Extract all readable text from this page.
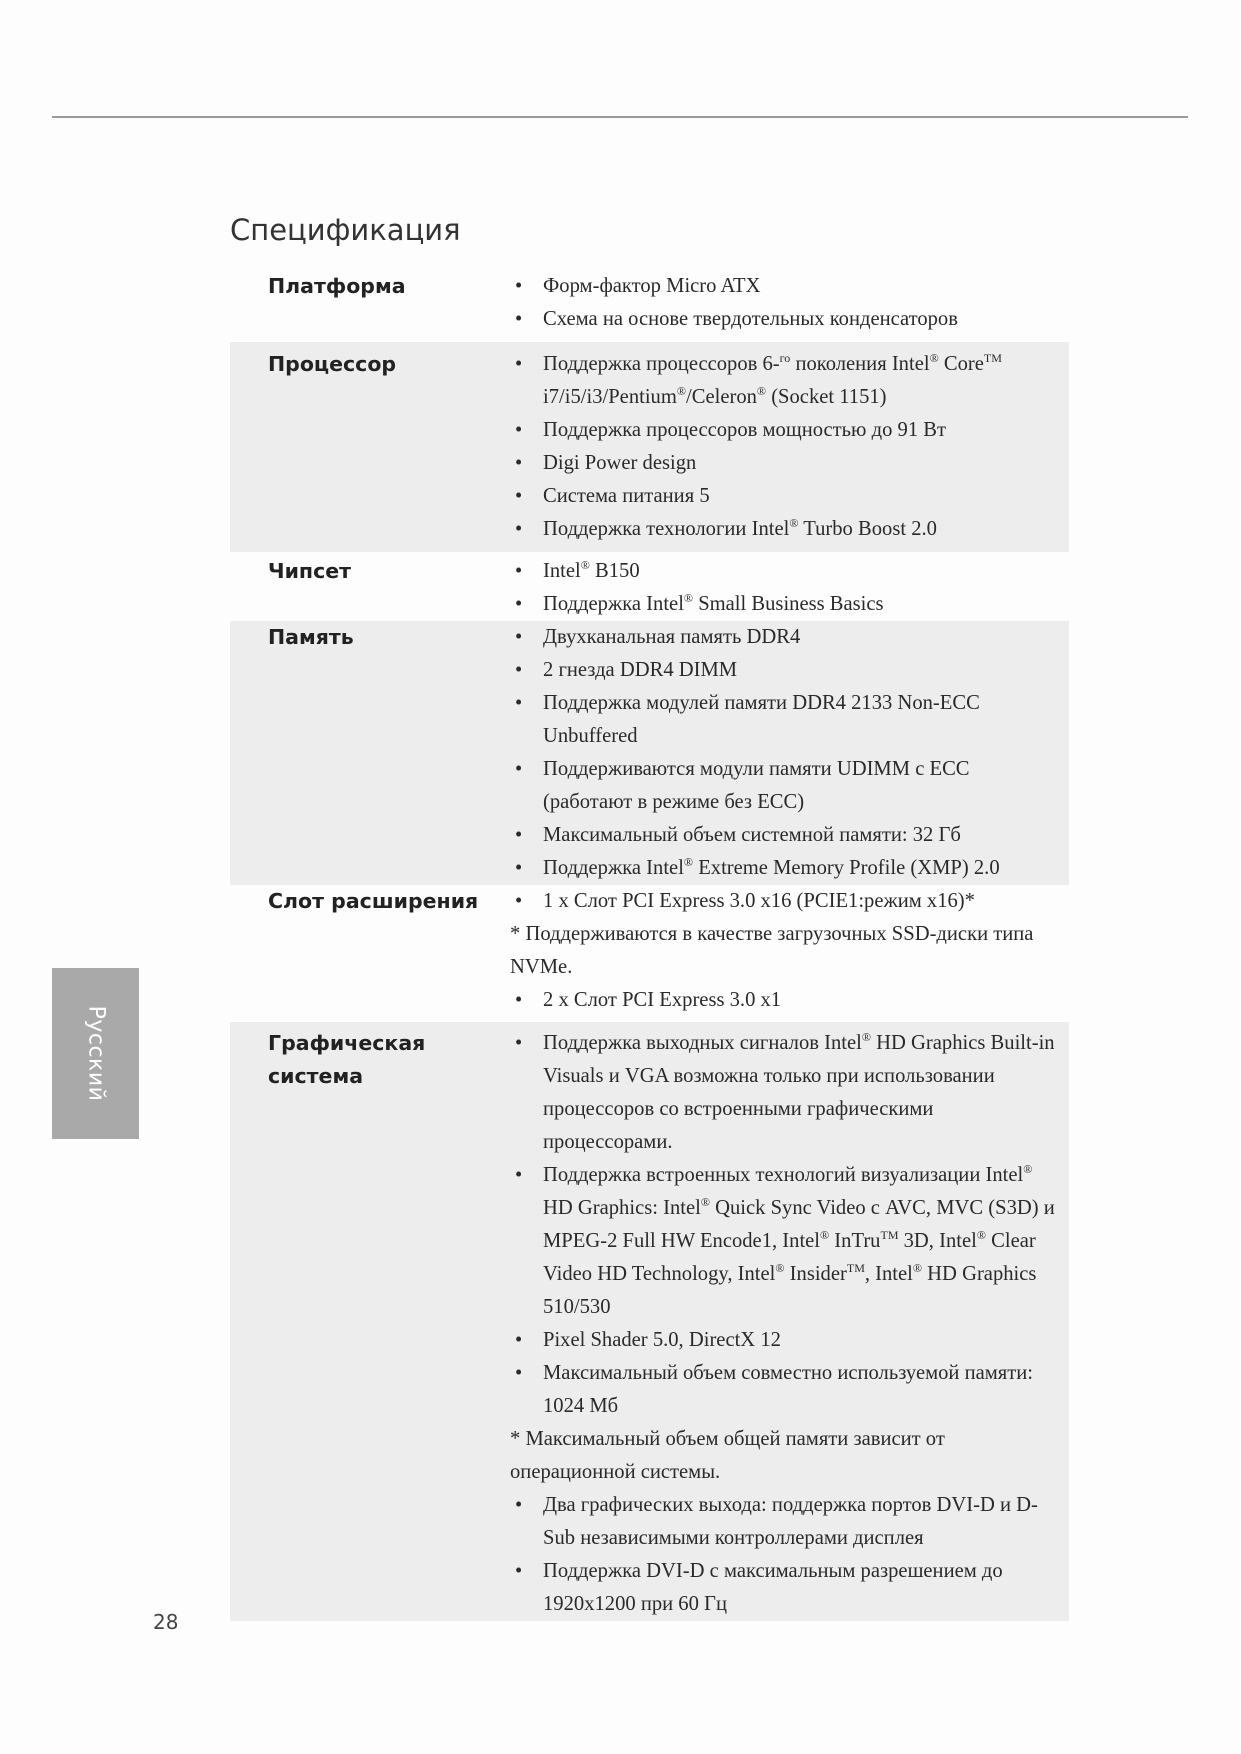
Спецификация
Платформа	• Форм-фактор Micro ATX
• Схема на основе твердотельных конденсаторов
Процессор	• Поддержка процессоров 6-$^{го}$ поколения Intel® Core™ i7/i5/i3/Pentium®/Celeron® (Socket 1151)
• Поддержка процессоров мощностью до 91 Вт
• Digi Power design
• Система питания 5
• Поддержка технологии Intel® Turbo Boost 2.0
Чипсет	• Intel® B150
• Поддержка Intel® Small Business Basics
Память	• Двухканальная память DDR4
• 2 гнезда DDR4 DIMM
• Поддержка модулей памяти DDR4 2133 Non-ECC Unbuffered
• Поддерживаются модули памяти UDIMM с ECC (работают в режиме без ECC)
• Максимальный объем системной памяти: 32 Гб
• Поддержка Intel® Extreme Memory Profile (XMP) 2.0
Слот расширения	• 1 x Слот PCI Express 3.0 x16 (PCIE1:режим x16)*
* Поддерживаются в качестве загрузочных SSD-диски типа NVMe.
• 2 x Слот PCI Express 3.0 x1
Графическая система
• Поддержка выходных сигналов Intel® HD Graphics Built-in Visuals и VGA возможна только при использовании процессоров со встроенными графическими процессорами.
• Поддержка встроенных технологий визуализации Intel® HD Graphics: Intel® Quick Sync Video с AVC, MVC (S3D) и MPEG-2 Full HW Encode1, Intel® InTru™ 3D, Intel® Clear Video HD Technology, Intel® Insider™, Intel® HD Graphics 510/530
• Pixel Shader 5.0, DirectX 12
• Максимальный объем совместно используемой памяти: 1024 Мб
* Максимальный объем общей памяти зависит от операционной системы.
• Два графических выхода: поддержка портов DVI-D и D-Sub независимыми контроллерами дисплея
• Поддержка DVI-D с максимальным разрешением до 1920x1200 при 60 Гц
Русский
28
